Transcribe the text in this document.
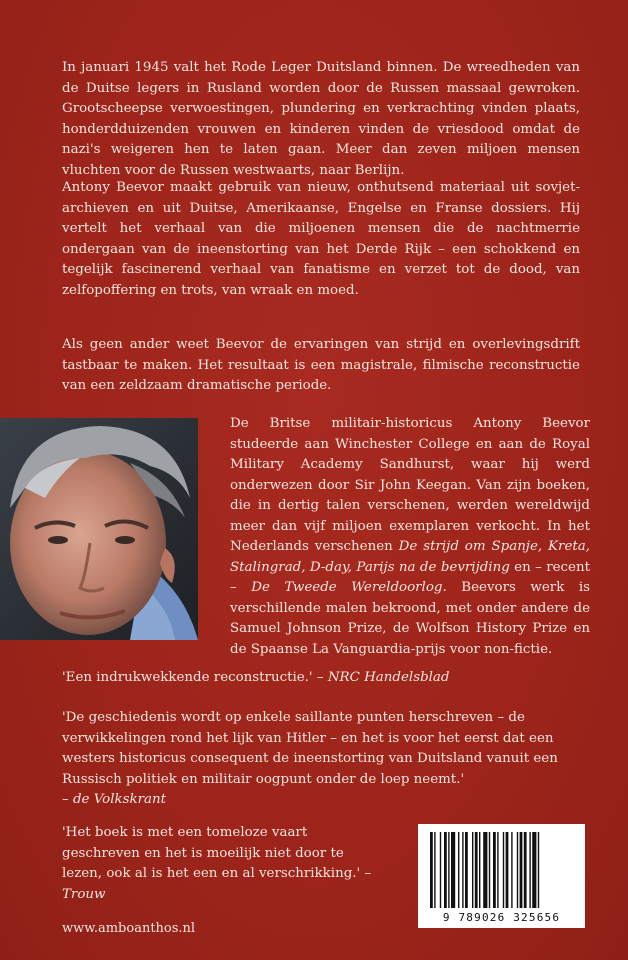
In januari 1945 valt het Rode Leger Duitsland binnen. De wreedheden van de Duitse legers in Rusland worden door de Russen massaal gewroken. Grootscheepse verwoestingen, plundering en verkrachting vinden plaats, honderdduizenden vrouwen en kinderen vinden de vriesdood omdat de nazi's weigeren hen te laten gaan. Meer dan zeven miljoen mensen vluchten voor de Russen westwaarts, naar Berlijn.

Antony Beevor maakt gebruik van nieuw, onthutsend materiaal uit sovjet-archieven en uit Duitse, Amerikaanse, Engelse en Franse dossiers. Hij vertelt het verhaal van die miljoenen mensen die de nachtmerrie ondergaan van de ineenstorting van het Derde Rijk – een schokkend en tegelijk fascinerend verhaal van fanatisme en verzet tot de dood, van zelfopoffering en trots, van wraak en moed.

Als geen ander weet Beevor de ervaringen van strijd en overlevingsdrift tastbaar te maken. Het resultaat is een magistrale, filmische reconstructie van een zeldzaam dramatische periode.

De Britse militair-historicus Antony Beevor studeerde aan Winchester College en aan de Royal Military Academy Sandhurst, waar hij werd onderwezen door Sir John Keegan. Van zijn boeken, die in dertig talen verschenen, werden wereldwijd meer dan vijf miljoen exemplaren verkocht. In het Nederlands verschenen De strijd om Spanje, Kreta, Stalingrad, D-day, Parijs na de bevrijding en – recent – De Tweede Wereldoorlog. Beevors werk is verschillende malen bekroond, met onder andere de Samuel Johnson Prize, de Wolfson History Prize en de Spaanse La Vanguardia-prijs voor non-fictie.

'Een indrukwekkende reconstructie.' – NRC Handelsblad

'De geschiedenis wordt op enkele saillante punten herschreven – de verwikkelingen rond het lijk van Hitler – en het is voor het eerst dat een westers historicus consequent de ineenstorting van Duitsland vanuit een Russisch politiek en militair oogpunt onder de loep neemt.'
– de Volkskrant

'Het boek is met een tomeloze vaart geschreven en het is moeilijk niet door te lezen, ook al is het een en al verschrikking.' – Trouw

www.amboanthos.nl

9 789026 325656
